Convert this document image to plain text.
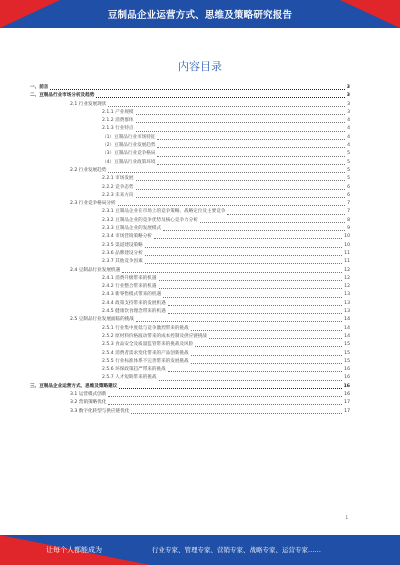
豆制品企业运营方式、思维及策略研究报告
内容目录
一、前言	3
二、豆制品行业市场分析及趋势	3
2.1 行业发展现状	3
2.1.1 产业规模	3
2.1.2 消费群体	4
2.1.3 行业特点	4
（1）豆制品行业市场特征	4
（2）豆制品行业发展趋势	4
（3）豆制品行业竞争格局	5
（4）豆制品行业政策环境	5
2.2 行业发展趋势	5
2.2.1 市场发展	5
2.2.2 竞争态势	6
2.2.3 未来方向	6
2.3 行业竞争格局分析	7
2.3.1 豆制品企业在市场上的竞争策略、战略定位及主要竞争	7
2.3.2 豆制品企业的竞争优势及核心竞争力分析	8
2.3.3 豆制品企业的发展模式	9
2.3.4 市场营销策略分析	10
2.3.5 渠道建设策略	10
2.3.6 品牌建设分析	11
2.3.7 其他竞争因素	11
2.4 豆制品行业发展机遇	12
2.4.1 消费升级带来的机遇	12
2.4.2 行业整合带来的机遇	12
2.4.3 新零售模式带来的机遇	13
2.4.4 政策支持带来的发展机遇	13
2.4.5 健康饮食理念带来的机遇	13
2.5 豆制品行业发展面临的挑战	14
2.5.1 行业集中度低与竞争激烈带来的挑战	14
2.5.2 原材料价格波动带来的成本控制及供应链挑战	14
2.5.3 食品安全及质量监管带来的挑战及风险	15
2.5.4 消费者需求变化带来的产品创新挑战	15
2.5.5 行业标准体系不完善带来的发展挑战	15
2.5.6 环保政策趋严带来的挑战	16
2.5.7 人才短缺带来的挑战	16
三、豆制品企业运营方式、思维及策略建议	16
3.1 运营模式创新	16
3.2 营销策略优化	17
3.3 数字化转型与供应链优化	17
1
让每个人都能成为	行业专家、管理专家、营销专家、战略专家、运营专家……
